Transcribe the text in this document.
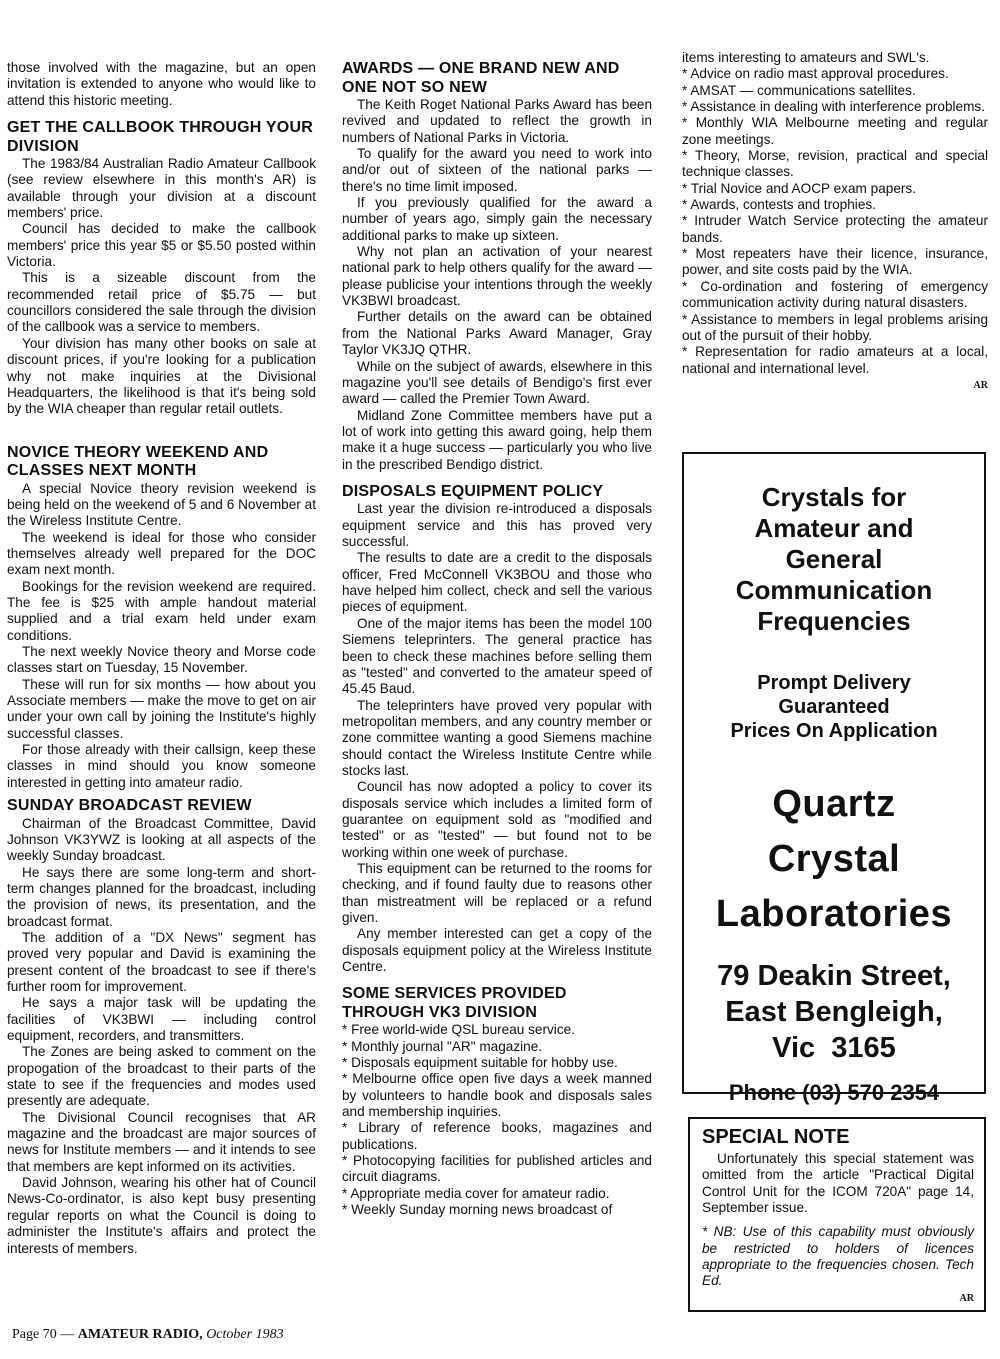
those involved with the magazine, but an open invitation is extended to anyone who would like to attend this historic meeting.

GET THE CALLBOOK THROUGH YOUR DIVISION

The 1983/84 Australian Radio Amateur Callbook (see review elsewhere in this month's AR) is available through your division at a discount members' price.

Council has decided to make the callbook members' price this year $5 or $5.50 posted within Victoria.

This is a sizeable discount from the recommended retail price of $5.75 — but councillors considered the sale through the division of the callbook was a service to members.

Your division has many other books on sale at discount prices, if you're looking for a publication why not make inquiries at the Divisional Headquarters, the likelihood is that it's being sold by the WIA cheaper than regular retail outlets.

NOVICE THEORY WEEKEND AND CLASSES NEXT MONTH

A special Novice theory revision weekend is being held on the weekend of 5 and 6 November at the Wireless Institute Centre.

The weekend is ideal for those who consider themselves already well prepared for the DOC exam next month.

Bookings for the revision weekend are required. The fee is $25 with ample handout material supplied and a trial exam held under exam conditions.

The next weekly Novice theory and Morse code classes start on Tuesday, 15 November.

These will run for six months — how about you Associate members — make the move to get on air under your own call by joining the Institute's highly successful classes.

For those already with their callsign, keep these classes in mind should you know someone interested in getting into amateur radio.

SUNDAY BROADCAST REVIEW

Chairman of the Broadcast Committee, David Johnson VK3YWZ is looking at all aspects of the weekly Sunday broadcast.

He says there are some long-term and short-term changes planned for the broadcast, including the provision of news, its presentation, and the broadcast format.

The addition of a "DX News" segment has proved very popular and David is examining the present content of the broadcast to see if there's further room for improvement.

He says a major task will be updating the facilities of VK3BWI — including control equipment, recorders, and transmitters.

The Zones are being asked to comment on the propogation of the broadcast to their parts of the state to see if the frequencies and modes used presently are adequate.

The Divisional Council recognises that AR magazine and the broadcast are major sources of news for Institute members — and it intends to see that members are kept informed on its activities.

David Johnson, wearing his other hat of Council News-Co-ordinator, is also kept busy presenting regular reports on what the Council is doing to administer the Institute's affairs and protect the interests of members.

AWARDS — ONE BRAND NEW AND ONE NOT SO NEW

The Keith Roget National Parks Award has been revived and updated to reflect the growth in numbers of National Parks in Victoria.

To qualify for the award you need to work into and/or out of sixteen of the national parks — there's no time limit imposed.

If you previously qualified for the award a number of years ago, simply gain the necessary additional parks to make up sixteen.

Why not plan an activation of your nearest national park to help others qualify for the award — please publicise your intentions through the weekly VK3BWI broadcast.

Further details on the award can be obtained from the National Parks Award Manager, Gray Taylor VK3JQ QTHR.

While on the subject of awards, elsewhere in this magazine you'll see details of Bendigo's first ever award — called the Premier Town Award.

Midland Zone Committee members have put a lot of work into getting this award going, help them make it a huge success — particularly you who live in the prescribed Bendigo district.

DISPOSALS EQUIPMENT POLICY

Last year the division re-introduced a disposals equipment service and this has proved very successful.

The results to date are a credit to the disposals officer, Fred McConnell VK3BOU and those who have helped him collect, check and sell the various pieces of equipment.

One of the major items has been the model 100 Siemens teleprinters. The general practice has been to check these machines before selling them as "tested" and converted to the amateur speed of 45.45 Baud.

The teleprinters have proved very popular with metropolitan members, and any country member or zone committee wanting a good Siemens machine should contact the Wireless Institute Centre while stocks last.

Council has now adopted a policy to cover its disposals service which includes a limited form of guarantee on equipment sold as "modified and tested" or as "tested" — but found not to be working within one week of purchase.

This equipment can be returned to the rooms for checking, and if found faulty due to reasons other than mistreatment will be replaced or a refund given.

Any member interested can get a copy of the disposals equipment policy at the Wireless Institute Centre.

SOME SERVICES PROVIDED THROUGH VK3 DIVISION

* Free world-wide QSL bureau service.

* Monthly journal "AR" magazine.

* Disposals equipment suitable for hobby use.

* Melbourne office open five days a week manned by volunteers to handle book and disposals sales and membership inquiries.

* Library of reference books, magazines and publications.

* Photocopying facilities for published articles and circuit diagrams.

* Appropriate media cover for amateur radio.

* Weekly Sunday morning news broadcast of

items interesting to amateurs and SWL's.

* Advice on radio mast approval procedures.

* AMSAT — communications satellites.

* Assistance in dealing with interference problems.

* Monthly WIA Melbourne meeting and regular zone meetings.

* Theory, Morse, revision, practical and special technique classes.

* Trial Novice and AOCP exam papers.

* Awards, contests and trophies.

* Intruder Watch Service protecting the amateur bands.

* Most repeaters have their licence, insurance, power, and site costs paid by the WIA.

* Co-ordination and fostering of emergency communication activity during natural disasters.

* Assistance to members in legal problems arising out of the pursuit of their hobby.

* Representation for radio amateurs at a local, national and international level.

AR
Crystals for
Amateur and
General
Communication
Frequencies
Prompt Delivery
Guaranteed
Prices On Application
Quartz
Crystal
Laboratories
79 Deakin Street,
East Bengleigh,
Vic  3165
Phone (03) 570 2354
SPECIAL NOTE

Unfortunately this special statement was omitted from the article "Practical Digital Control Unit for the ICOM 720A" page 14, September issue.

* NB: Use of this capability must obviously be restricted to holders of licences appropriate to the frequencies chosen. Tech Ed.

AR
Page 70 — AMATEUR RADIO, October 1983
